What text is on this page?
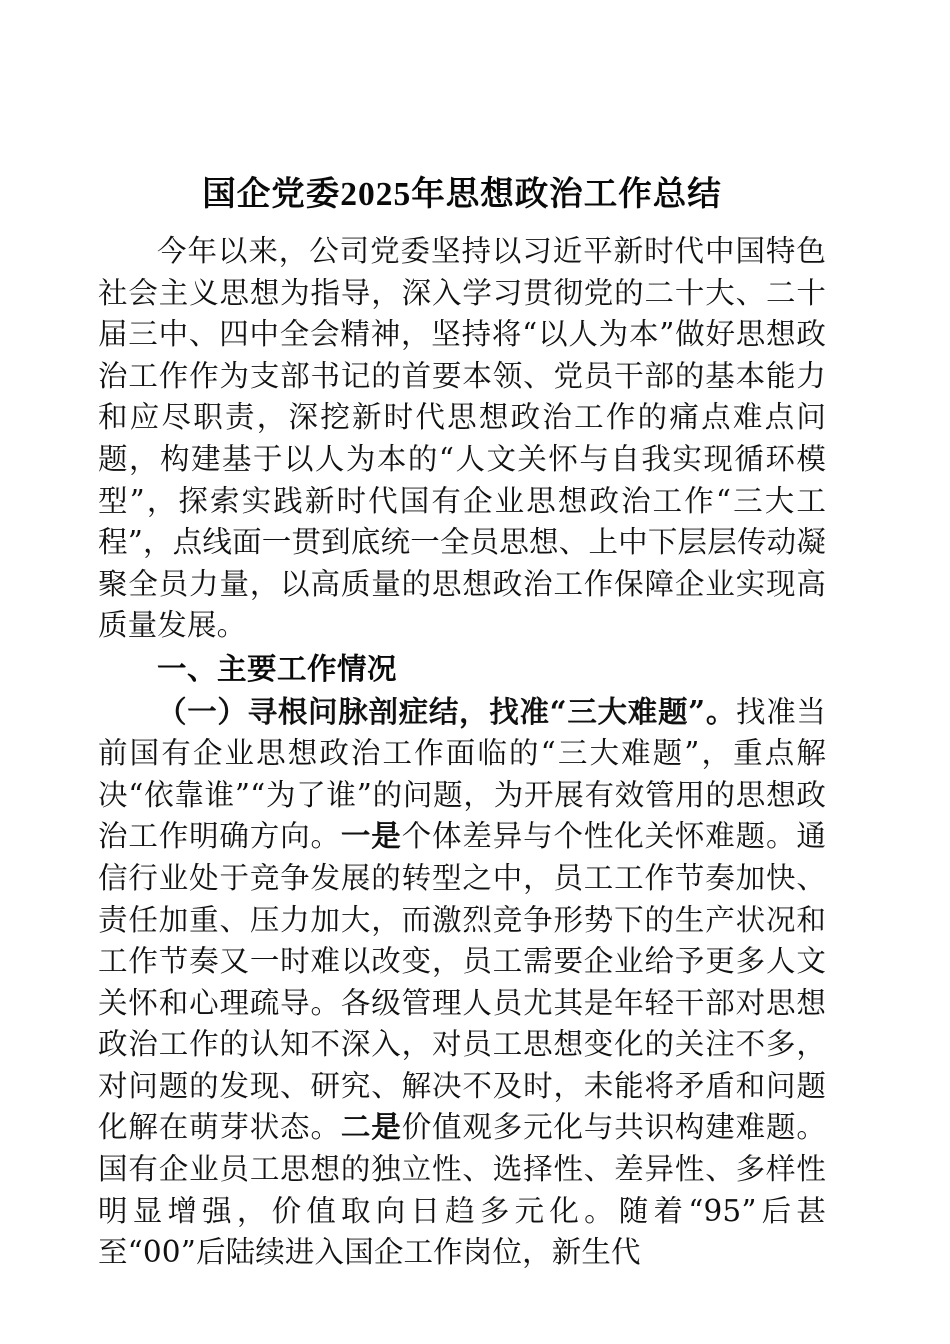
国企党委2025年思想政治工作总结

今年以来，公司党委坚持以习近平新时代中国特色社会主义思想为指导，深入学习贯彻党的二十大、二十届三中、四中全会精神，坚持将“以人为本”做好思想政治工作作为支部书记的首要本领、党员干部的基本能力和应尽职责，深挖新时代思想政治工作的痛点难点问题，构建基于以人为本的“人文关怀与自我实现循环模型”，探索实践新时代国有企业思想政治工作“三大工程”，点线面一贯到底统一全员思想、上中下层层传动凝聚全员力量，以高质量的思想政治工作保障企业实现高质量发展。

一、主要工作情况

（一）寻根问脉剖症结，找准“三大难题”。找准当前国有企业思想政治工作面临的“三大难题”，重点解决“依靠谁”“为了谁”的问题，为开展有效管用的思想政治工作明确方向。一是个体差异与个性化关怀难题。通信行业处于竞争发展的转型之中，员工工作节奏加快、责任加重、压力加大，而激烈竞争形势下的生产状况和工作节奏又一时难以改变，员工需要企业给予更多人文关怀和心理疏导。各级管理人员尤其是年轻干部对思想政治工作的认知不深入，对员工思想变化的关注不多，对问题的发现、研究、解决不及时，未能将矛盾和问题化解在萌芽状态。二是价值观多元化与共识构建难题。国有企业员工思想的独立性、选择性、差异性、多样性明显增强，价值取向日趋多元化。随着“95”后甚至“00”后陆续进入国企工作岗位，新生代
